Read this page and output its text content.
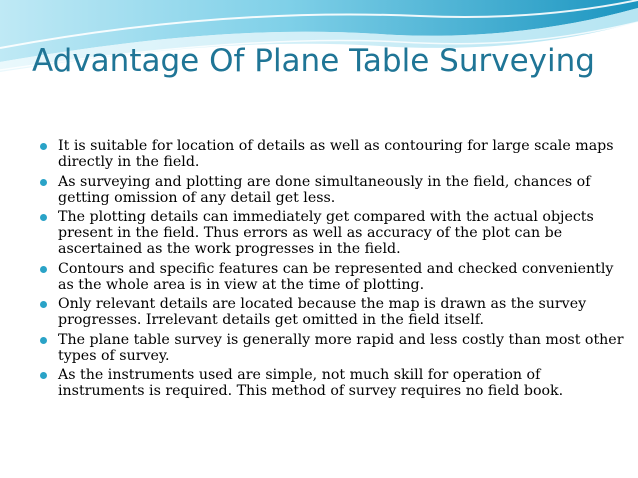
Advantage Of Plane Table Surveying
It is suitable for location of details as well as contouring for large scale maps directly in the field.
As surveying and plotting are done simultaneously in the field, chances of getting omission of any detail get less.
The plotting details can immediately get compared with the actual objects present in the field. Thus errors as well as accuracy of the plot can be ascertained as the work progresses in the field.
Contours and specific features can be represented and checked conveniently as the whole area is in view at the time of plotting.
Only relevant details are located because the map is drawn as the survey progresses. Irrelevant details get omitted in the field itself.
The plane table survey is generally more rapid and less costly than most other types of survey.
As the instruments used are simple, not much skill for operation of instruments is required. This method of survey requires no field book.
